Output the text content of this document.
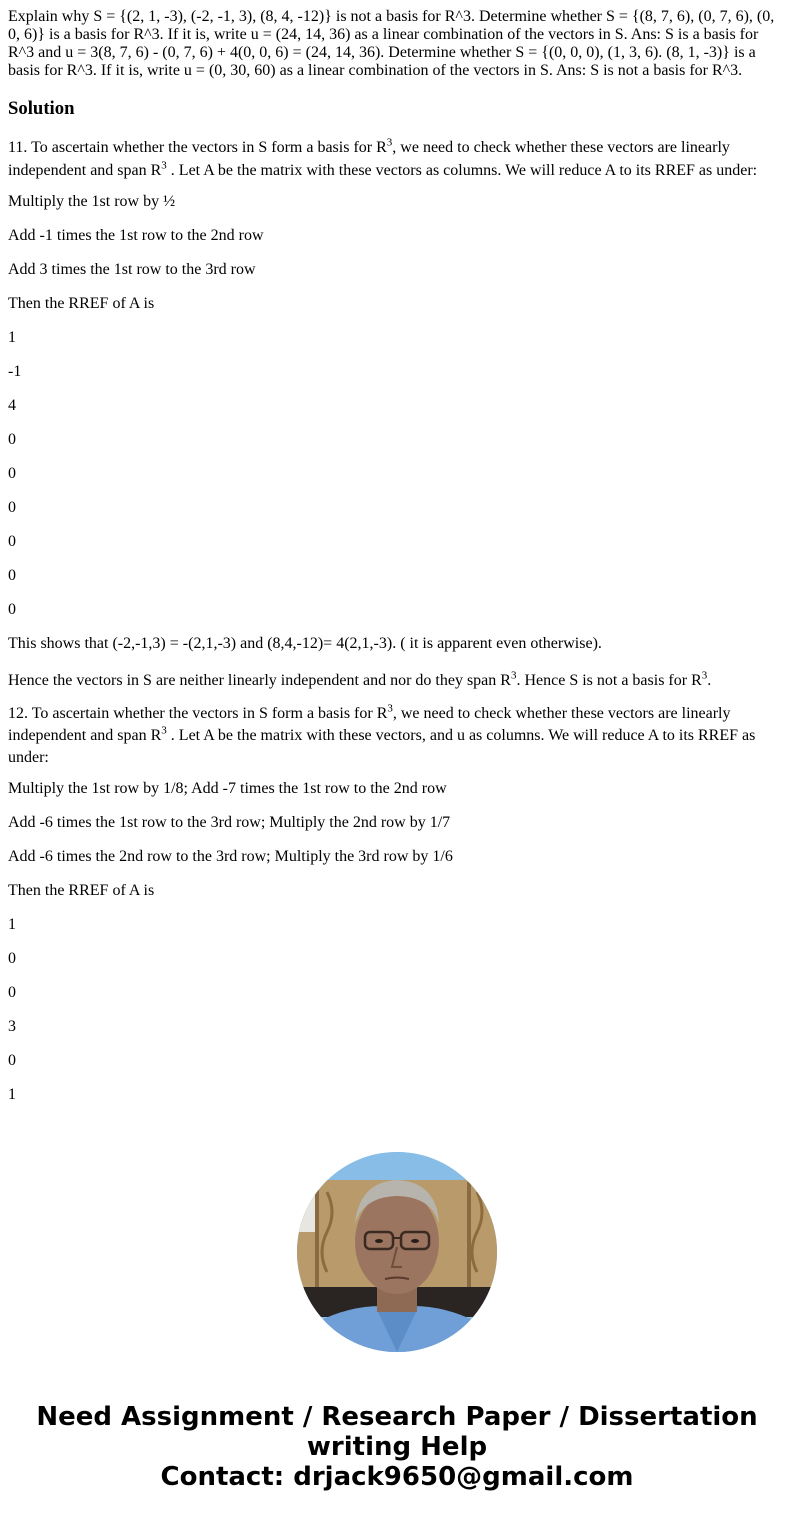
Explain why S = {(2, 1, -3), (-2, -1, 3), (8, 4, -12)} is not a basis for R^3. Determine whether S = {(8, 7, 6), (0, 7, 6), (0, 0, 6)} is a basis for R^3. If it is, write u = (24, 14, 36) as a linear combination of the vectors in S. Ans: S is a basis for R^3 and u = 3(8, 7, 6) - (0, 7, 6) + 4(0, 0, 6) = (24, 14, 36). Determine whether S = {(0, 0, 0), (1, 3, 6). (8, 1, -3)} is a basis for R^3. If it is, write u = (0, 30, 60) as a linear combination of the vectors in S. Ans: S is not a basis for R^3.

Solution

11. To ascertain whether the vectors in S form a basis for $R^3$, we need to check whether these vectors are linearly independent and span $R^3$ . Let A be the matrix with these vectors as columns. We will reduce A to its RREF as under:

Multiply the 1st row by ½

Add -1 times the 1st row to the 2nd row

Add 3 times the 1st row to the 3rd row

Then the RREF of A is

1

-1

4

0

0

0

0

0

0

This shows that (-2,-1,3) = -(2,1,-3) and (8,4,-12)= 4(2,1,-3). ( it is apparent even otherwise).

Hence the vectors in S are neither linearly independent and nor do they span $R^3$. Hence S is not a basis for $R^3$.

12. To ascertain whether the vectors in S form a basis for $R^3$, we need to check whether these vectors are linearly independent and span $R^3$ . Let A be the matrix with these vectors, and u as columns. We will reduce A to its RREF as under:

Multiply the 1st row by 1/8; Add -7 times the 1st row to the 2nd row

Add -6 times the 1st row to the 3rd row; Multiply the 2nd row by 1/7

Add -6 times the 2nd row to the 3rd row; Multiply the 3rd row by 1/6

Then the RREF of A is

1

0

0

3

0

1

Need Assignment / Research Paper / Dissertation
writing Help
Contact: drjack9650@gmail.com
